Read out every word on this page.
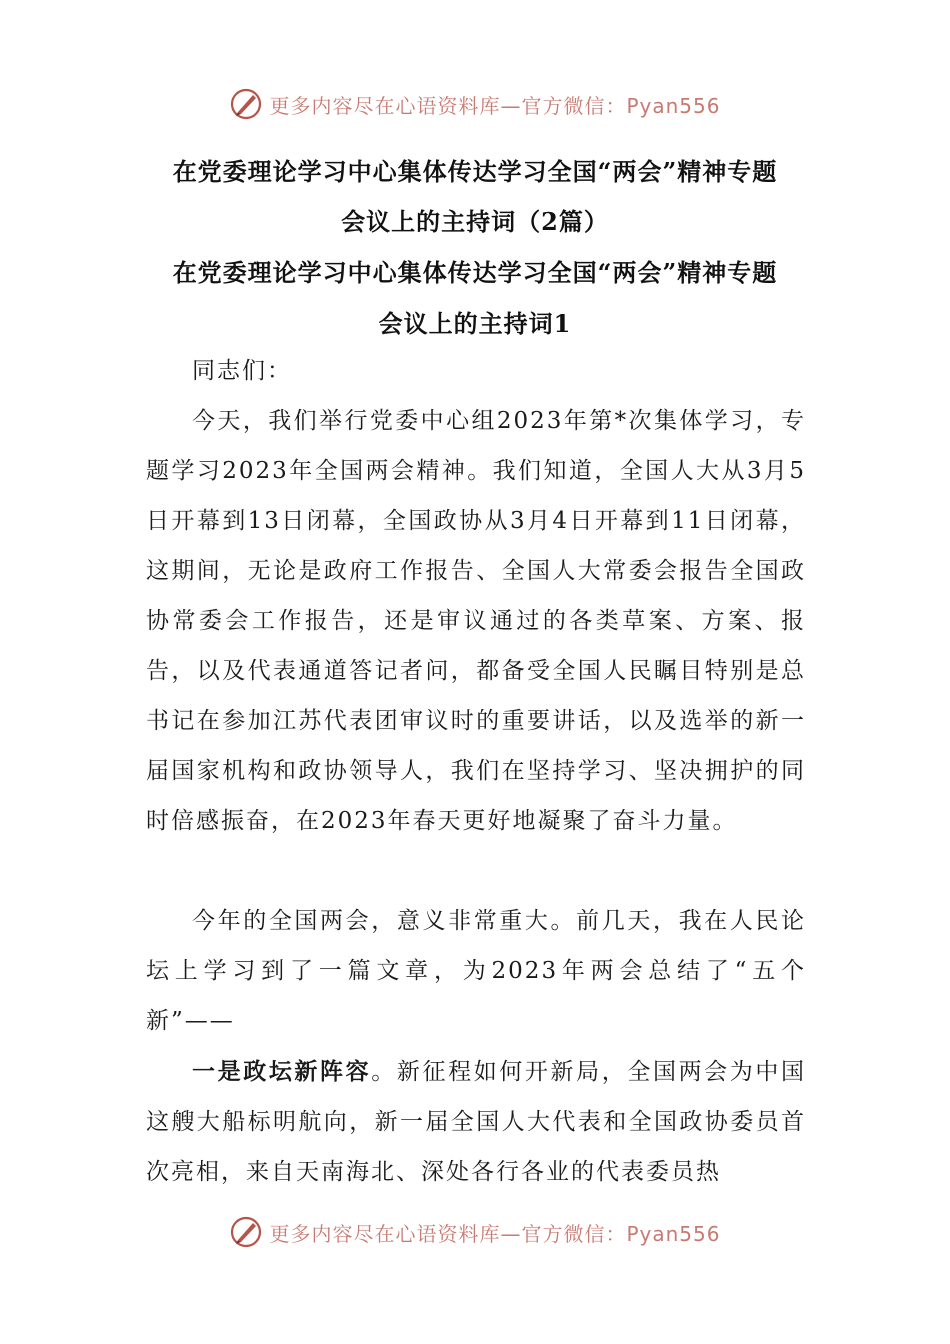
更多内容尽在心语资料库—官方微信：Pyan556
在党委理论学习中心集体传达学习全国“两会”精神专题
会议上的主持词（2篇）
在党委理论学习中心集体传达学习全国“两会”精神专题
会议上的主持词1
同志们：
今天，我们举行党委中心组2023年第*次集体学习，专题学习2023年全国两会精神。我们知道，全国人大从3月5日开幕到13日闭幕，全国政协从3月4日开幕到11日闭幕，这期间，无论是政府工作报告、全国人大常委会报告全国政协常委会工作报告，还是审议通过的各类草案、方案、报告，以及代表通道答记者问，都备受全国人民瞩目特别是总书记在参加江苏代表团审议时的重要讲话，以及选举的新一届国家机构和政协领导人，我们在坚持学习、坚决拥护的同时倍感振奋，在2023年春天更好地凝聚了奋斗力量。
今年的全国两会，意义非常重大。前几天，我在人民论坛上学习到了一篇文章，为2023年两会总结了“五个新”——
一是政坛新阵容。新征程如何开新局，全国两会为中国这艘大船标明航向，新一届全国人大代表和全国政协委员首次亮相，来自天南海北、深处各行各业的代表委员热
更多内容尽在心语资料库—官方微信：Pyan556
